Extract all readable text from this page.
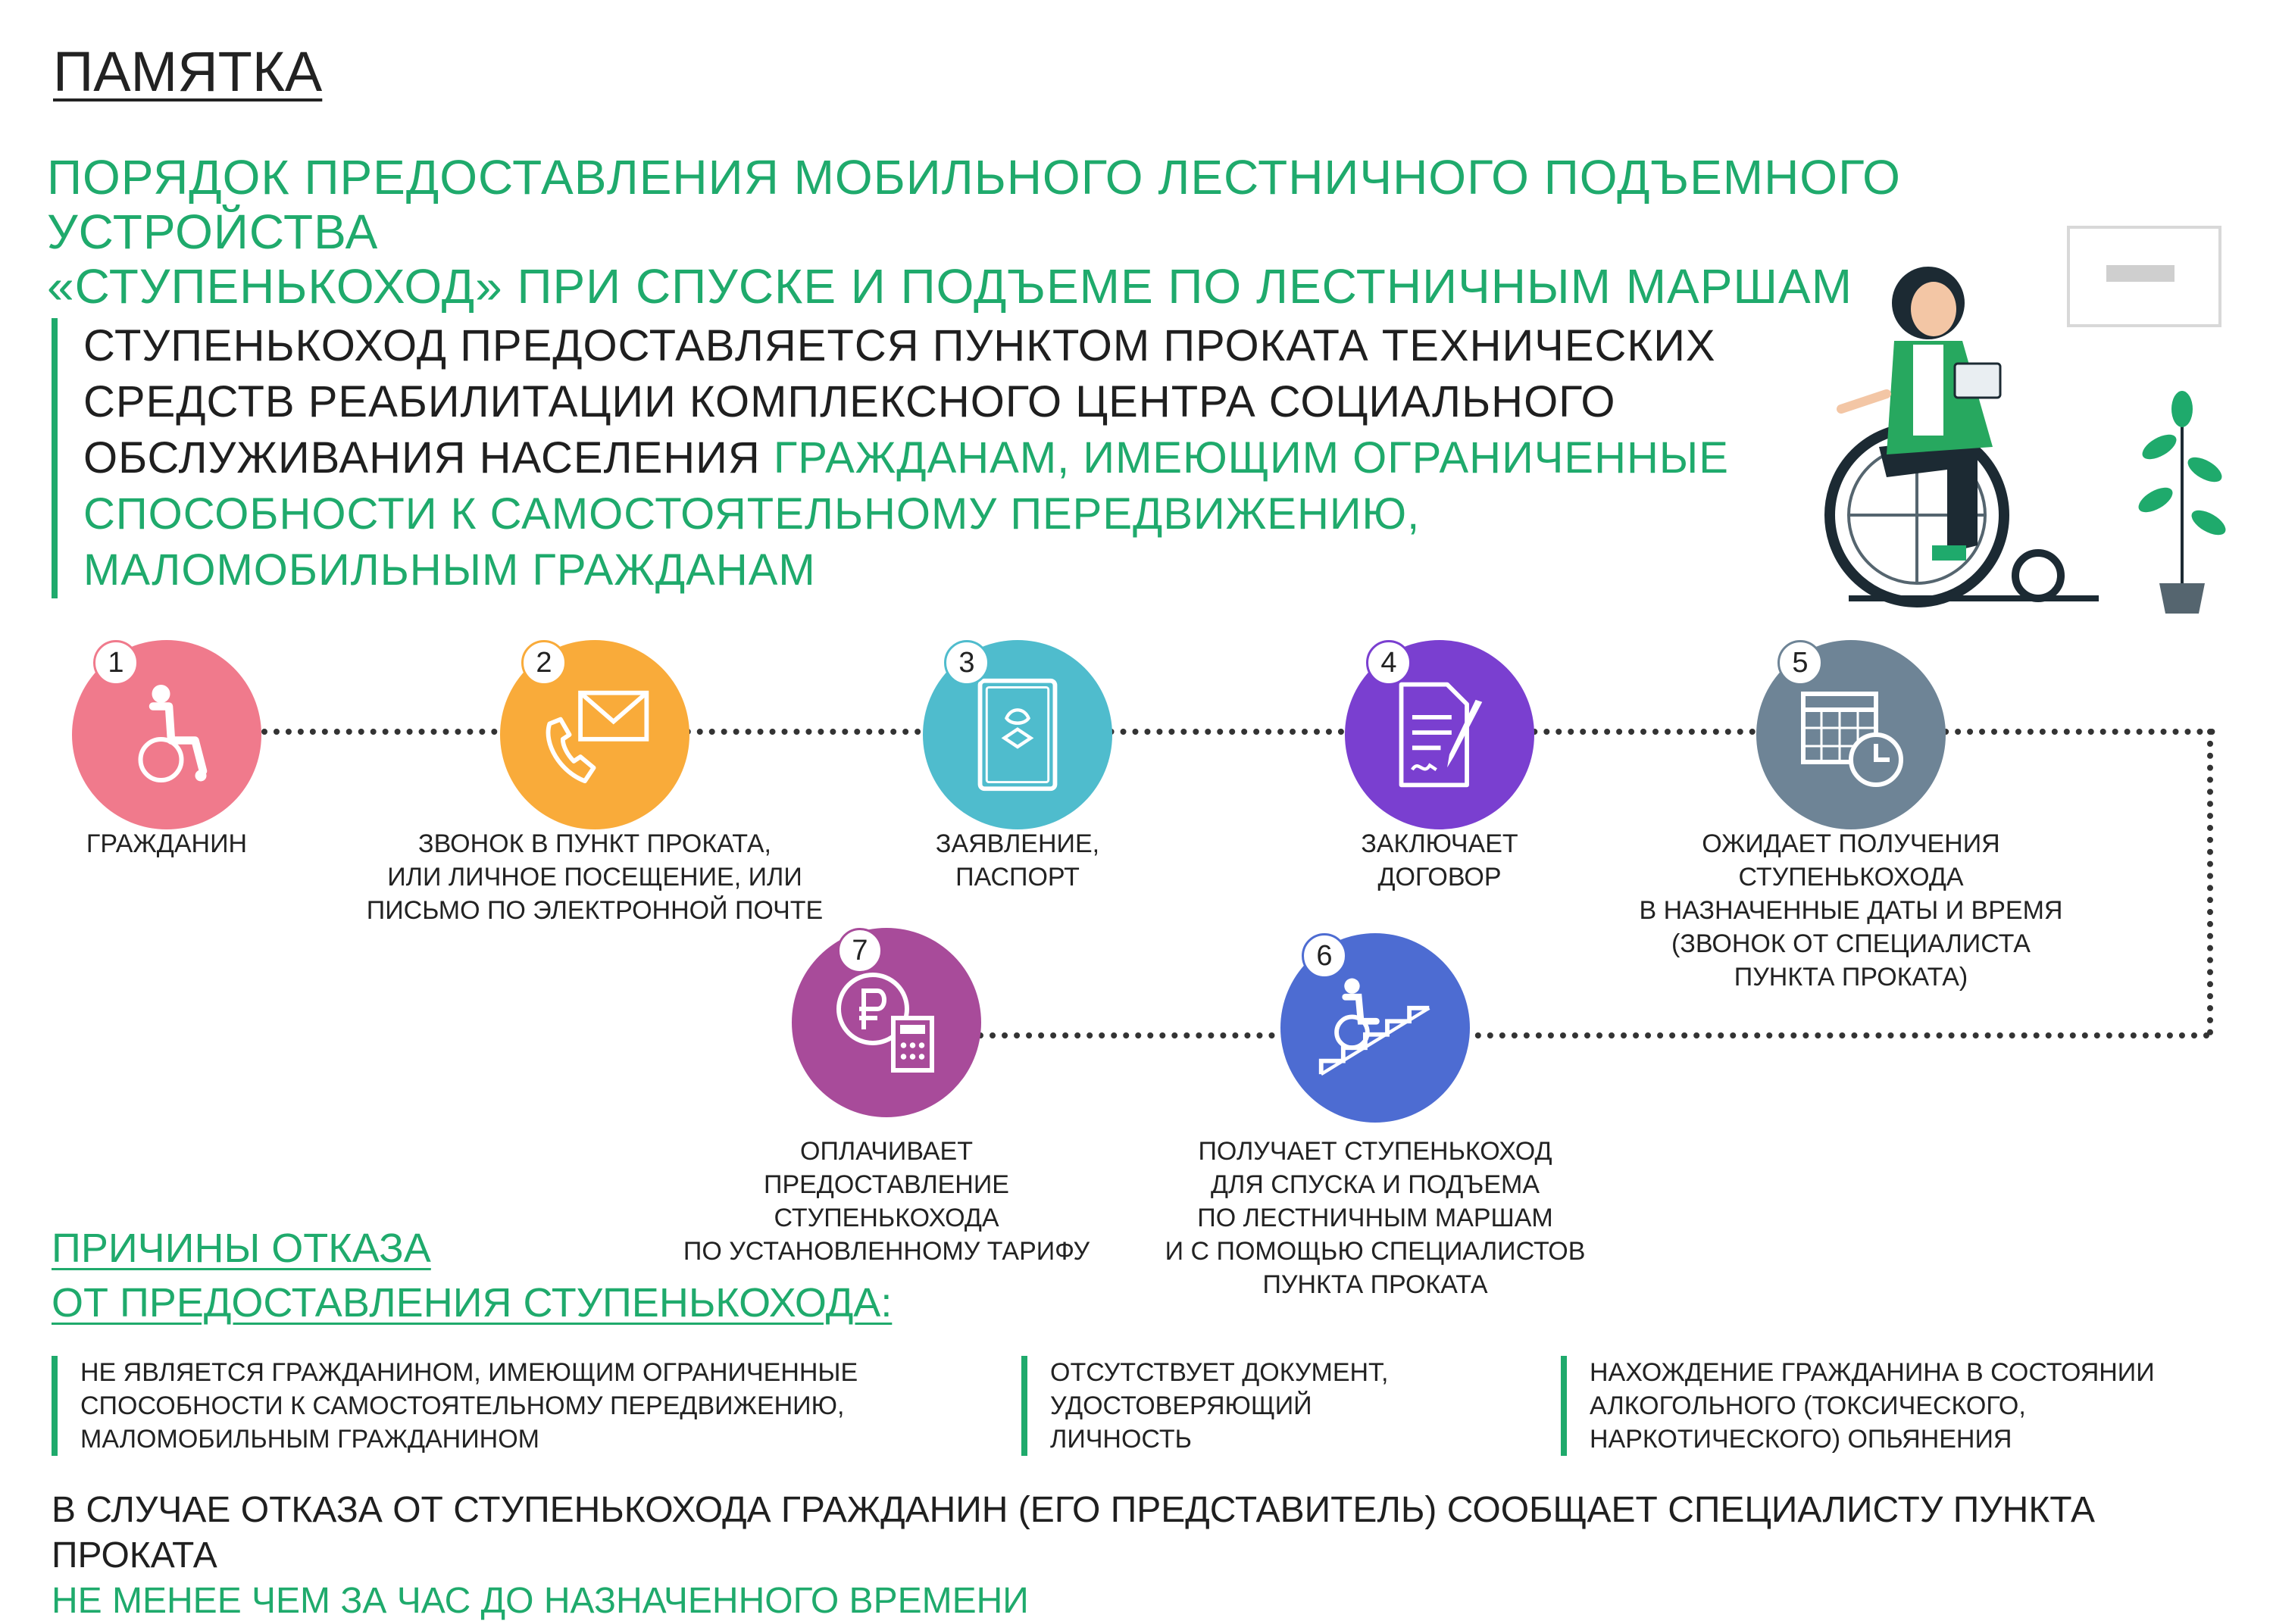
ПАМЯТКА
ПОРЯДОК ПРЕДОСТАВЛЕНИЯ МОБИЛЬНОГО ЛЕСТНИЧНОГО ПОДЪЕМНОГО УСТРОЙСТВА
«СТУПЕНЬКОХОД» ПРИ СПУСКЕ И ПОДЪЕМЕ ПО ЛЕСТНИЧНЫМ МАРШАМ
СТУПЕНЬКОХОД ПРЕДОСТАВЛЯЕТСЯ ПУНКТОМ ПРОКАТА ТЕХНИЧЕСКИХ СРЕДСТВ РЕАБИЛИТАЦИИ КОМПЛЕКСНОГО ЦЕНТРА СОЦИАЛЬНОГО ОБСЛУЖИВАНИЯ НАСЕЛЕНИЯ ГРАЖДАНАМ, ИМЕЮЩИМ ОГРАНИЧЕННЫЕ СПОСОБНОСТИ К САМОСТОЯТЕЛЬНОМУ ПЕРЕДВИЖЕНИЮ, МАЛОМОБИЛЬНЫМ ГРАЖДАНАМ
1
ГРАЖДАНИН
2
ЗВОНОК В ПУНКТ ПРОКАТА,
ИЛИ ЛИЧНОЕ ПОСЕЩЕНИЕ, ИЛИ
ПИСЬМО ПО ЭЛЕКТРОННОЙ ПОЧТЕ
3
ЗАЯВЛЕНИЕ,
ПАСПОРТ
4
ЗАКЛЮЧАЕТ
ДОГОВОР
5
ОЖИДАЕТ ПОЛУЧЕНИЯ
СТУПЕНЬКОХОДА
В НАЗНАЧЕННЫЕ ДАТЫ И ВРЕМЯ
(ЗВОНОК ОТ СПЕЦИАЛИСТА
ПУНКТА ПРОКАТА)
7
ОПЛАЧИВАЕТ
ПРЕДОСТАВЛЕНИЕ
СТУПЕНЬКОХОДА
ПО УСТАНОВЛЕННОМУ ТАРИФУ
6
ПОЛУЧАЕТ СТУПЕНЬКОХОД
ДЛЯ СПУСКА И ПОДЪЕМА
ПО ЛЕСТНИЧНЫМ МАРШАМ
И С ПОМОЩЬЮ СПЕЦИАЛИСТОВ
ПУНКТА ПРОКАТА
ПРИЧИНЫ ОТКАЗА
ОТ ПРЕДОСТАВЛЕНИЯ СТУПЕНЬКОХОДА:
НЕ ЯВЛЯЕТСЯ ГРАЖДАНИНОМ, ИМЕЮЩИМ ОГРАНИЧЕННЫЕ
СПОСОБНОСТИ К САМОСТОЯТЕЛЬНОМУ ПЕРЕДВИЖЕНИЮ,
МАЛОМОБИЛЬНЫМ ГРАЖДАНИНОМ
ОТСУТСТВУЕТ ДОКУМЕНТ,
УДОСТОВЕРЯЮЩИЙ
ЛИЧНОСТЬ
НАХОЖДЕНИЕ ГРАЖДАНИНА В СОСТОЯНИИ
АЛКОГОЛЬНОГО (ТОКСИЧЕСКОГО,
НАРКОТИЧЕСКОГО) ОПЬЯНЕНИЯ
В СЛУЧАЕ ОТКАЗА ОТ СТУПЕНЬКОХОДА ГРАЖДАНИН (ЕГО ПРЕДСТАВИТЕЛЬ) СООБЩАЕТ СПЕЦИАЛИСТУ ПУНКТА ПРОКАТА
НЕ МЕНЕЕ ЧЕМ ЗА ЧАС ДО НАЗНАЧЕННОГО ВРЕМЕНИ
